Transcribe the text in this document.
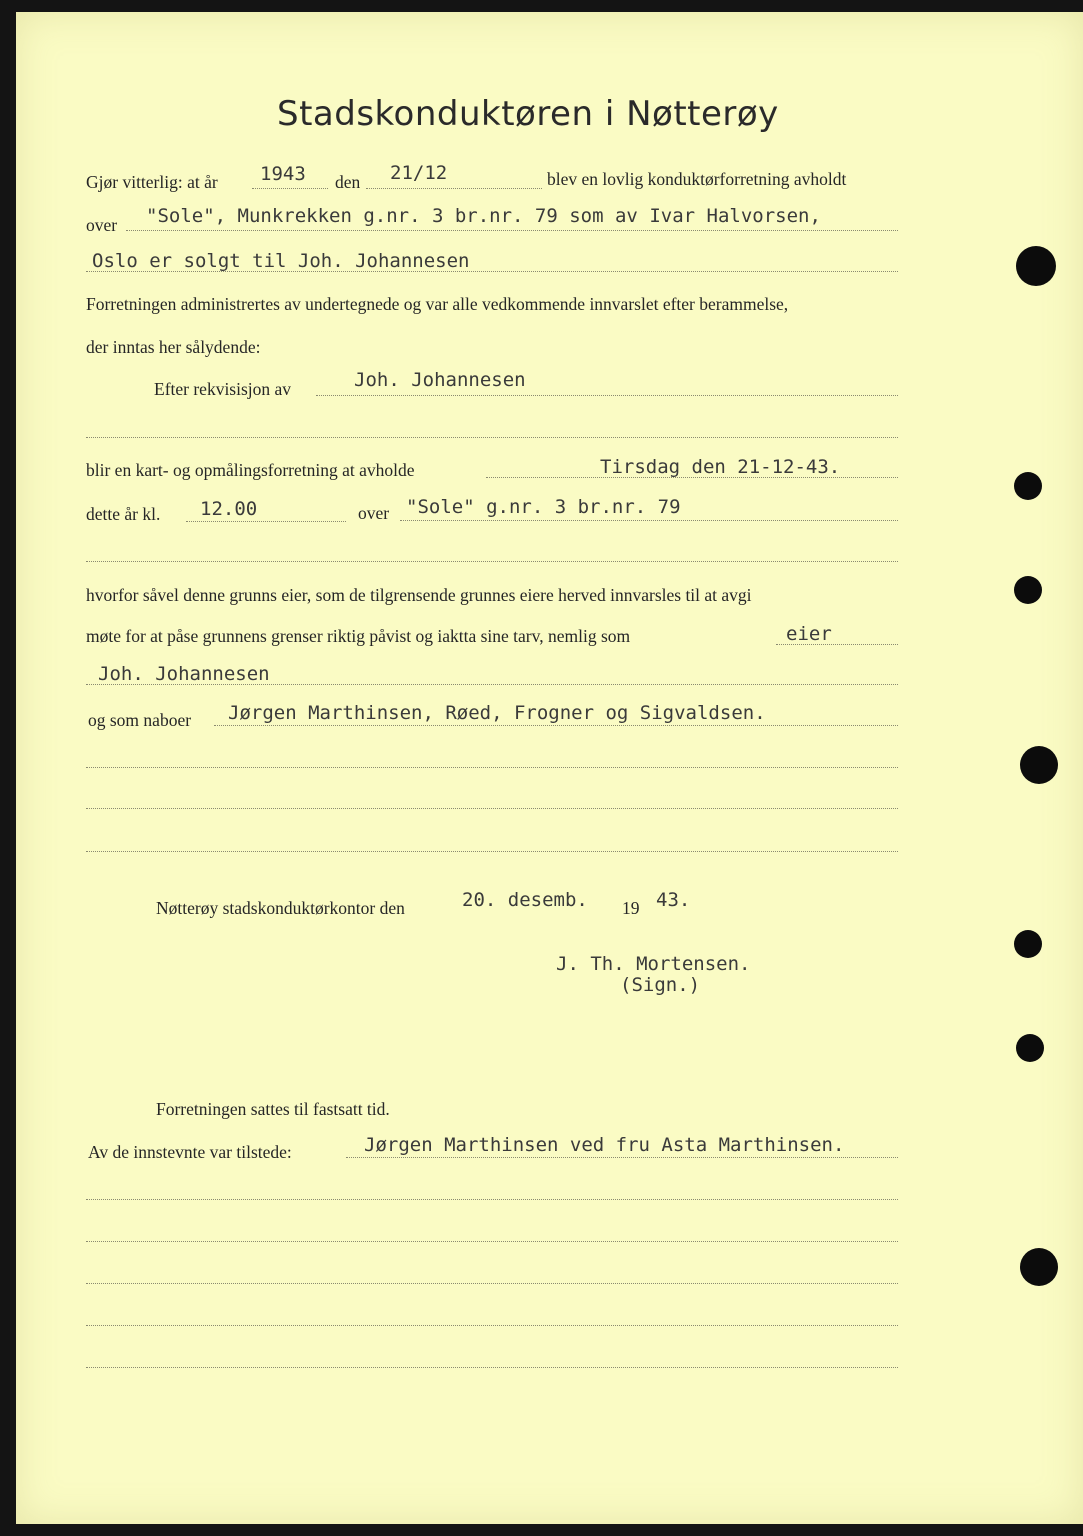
Stadskonduktøren i Nøtterøy
Gjør vitterlig: at år 1943 den 21/12	blev en lovlig konduktørforretning avholdt
over "Sole", Munkrekken g.nr. 3 br.nr. 79 som av Ivar Halvorsen,
Oslo er solgt til Joh. Johannesen
Forretningen administrertes av undertegnede og var alle vedkommende innvarslet efter berammelse,
der inntas her sålydende:
Efter rekvisisjon av	Joh. Johannesen
blir en kart- og opmålingsforretning at avholde	Tirsdag den 21-12-43.
dette år kl. 12.00	over "Sole" g.nr. 3 br.nr. 79
hvorfor såvel denne grunns eier, som de tilgrensende grunnes eiere herved innvarsles til at avgi
møte for at påse grunnens grenser riktig påvist og iaktta sine tarv, nemlig som	eier
Joh. Johannesen
og som naboer Jørgen Marthinsen, Røed, Frogner og Sigvaldsen.
Nøtterøy stadskonduktørkontor den	20. desemb. 19 43.
J. Th. Mortensen.
(Sign.)
Forretningen sattes til fastsatt tid.
Av de innstevnte var tilstede:	Jørgen Marthinsen ved fru Asta Marthinsen.
